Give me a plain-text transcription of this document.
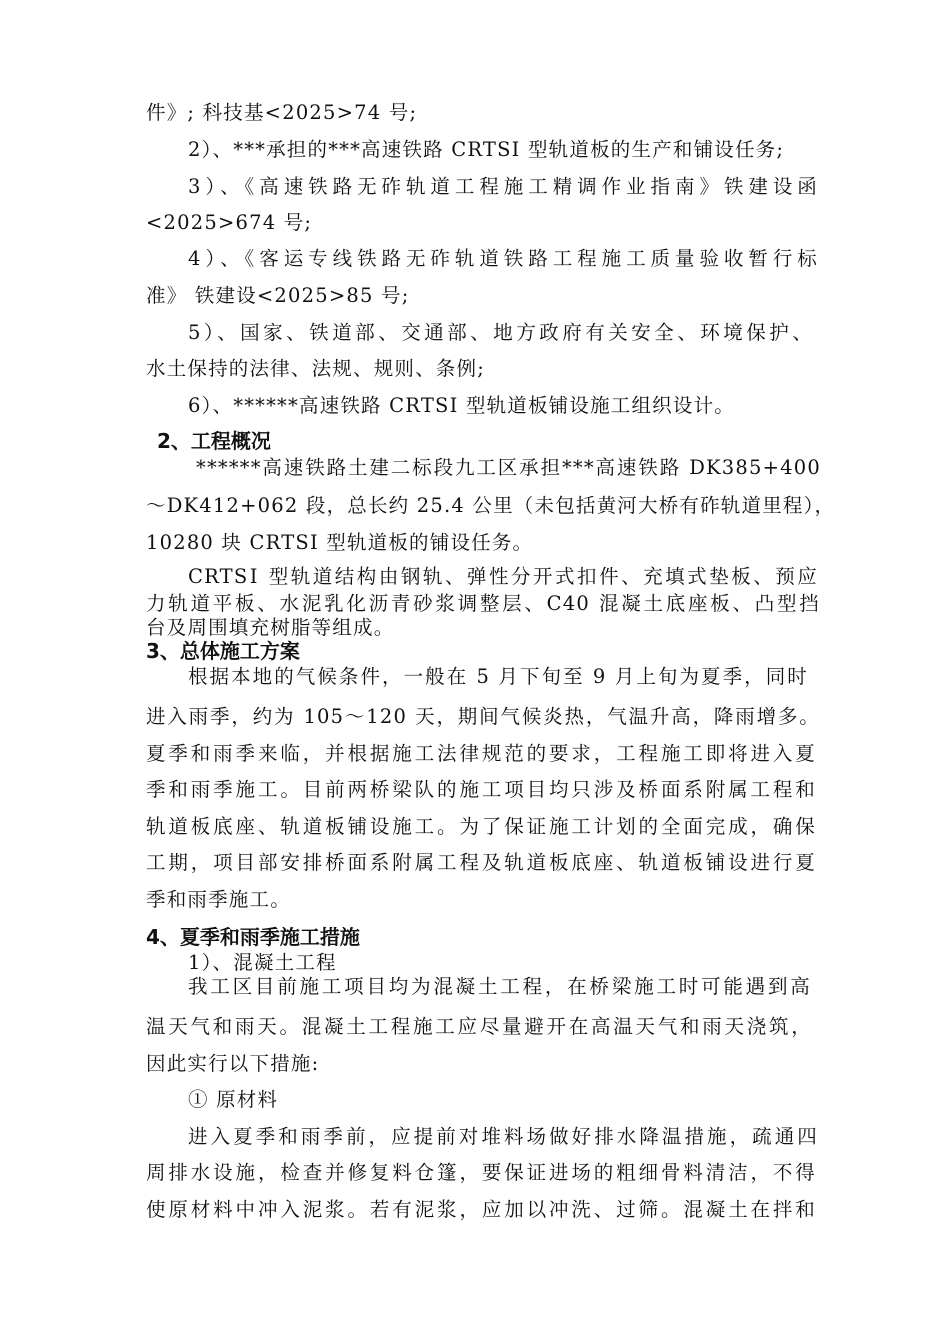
件》; 科技基<2025>74 号;
2）、***承担的***高速铁路 CRTSⅠ 型轨道板的生产和铺设任务;
3）、《高速铁路无砟轨道工程施工精调作业指南》铁建设函
<2025>674 号;
4）、《客运专线铁路无砟轨道铁路工程施工质量验收暂行标
准》 铁建设<2025>85 号;
5）、国家、铁道部、交通部、地方政府有关安全、环境保护、
水土保持的法律、法规、规则、条例;
6）、******高速铁路 CRTSⅠ 型轨道板铺设施工组织设计。
2、工程概况
******高速铁路土建二标段九工区承担***高速铁路 DK385+400
～DK412+062 段，总长约 25.4 公里（未包括黄河大桥有砟轨道里程），
10280 块 CRTSⅠ 型轨道板的铺设任务。
CRTSⅠ 型轨道结构由钢轨、弹性分开式扣件、充填式垫板、预应
力轨道平板、水泥乳化沥青砂浆调整层、C40 混凝土底座板、凸型挡
台及周围填充树脂等组成。
3、总体施工方案
根据本地的气候条件，一般在 5 月下旬至 9 月上旬为夏季，同时
进入雨季，约为 105～120 天，期间气候炎热，气温升高，降雨增多。
夏季和雨季来临，并根据施工法律规范的要求，工程施工即将进入夏
季和雨季施工。目前两桥梁队的施工项目均只涉及桥面系附属工程和
轨道板底座、轨道板铺设施工。为了保证施工计划的全面完成，确保
工期，项目部安排桥面系附属工程及轨道板底座、轨道板铺设进行夏
季和雨季施工。
4、夏季和雨季施工措施
1）、混凝土工程
我工区目前施工项目均为混凝土工程，在桥梁施工时可能遇到高
温天气和雨天。混凝土工程施工应尽量避开在高温天气和雨天浇筑，
因此实行以下措施:
① 原材料
进入夏季和雨季前，应提前对堆料场做好排水降温措施，疏通四
周排水设施，检查并修复料仓篷，要保证进场的粗细骨料清洁，不得
使原材料中冲入泥浆。若有泥浆，应加以冲洗、过筛。混凝土在拌和
